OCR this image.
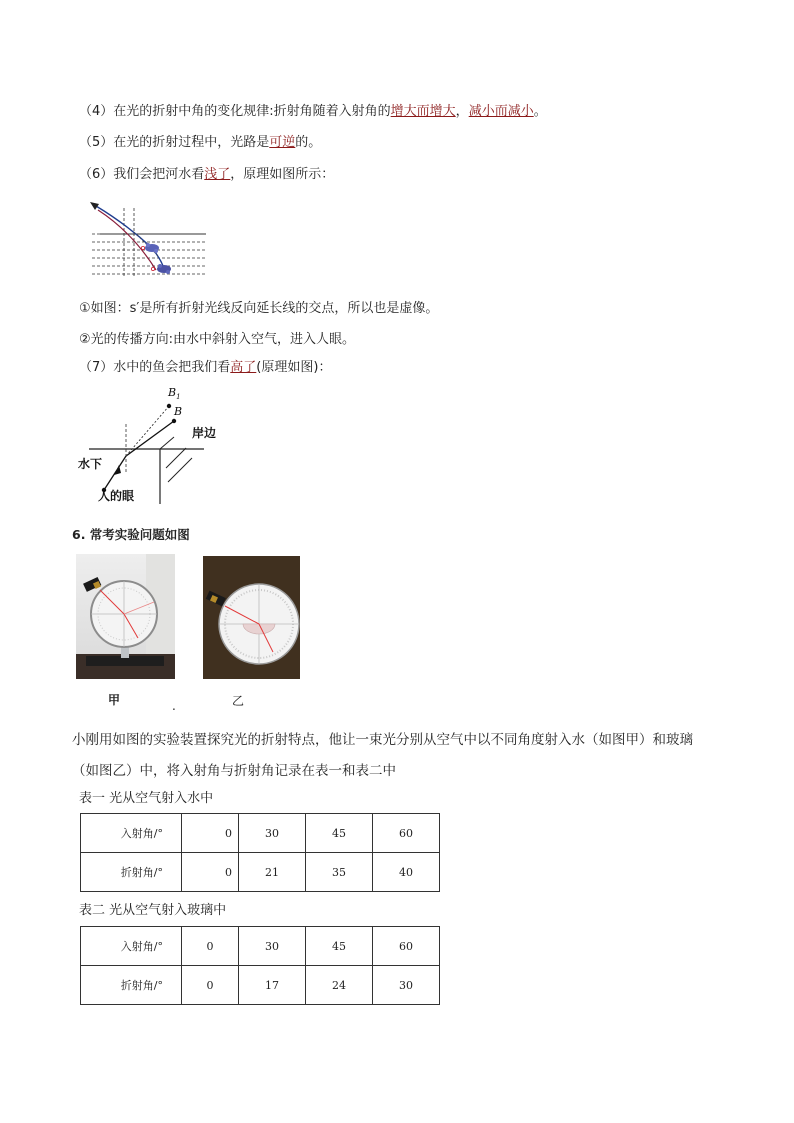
（4）在光的折射中角的变化规律:折射角随着入射角的增大而增大，减小而减小。
（5）在光的折射过程中，光路是可逆的。
（6）我们会把河水看浅了，原理如图所示：
①如图：s′是所有折射光线反向延长线的交点，所以也是虚像。
②光的传播方向:由水中斜射入空气，进入人眼。
（7）水中的鱼会把我们看高了(原理如图)：
$B_1$
B
岸边
水下
人的眼
6. 常考实验问题如图
甲	.	乙
小刚用如图的实验装置探究光的折射特点，他让一束光分别从空气中以不同角度射入水（如图甲）和玻璃
（如图乙）中，将入射角与折射角记录在表一和表二中
表一 光从空气射入水中
入射角/°	0	30	45	60
折射角/°	0	21	35	40
表二 光从空气射入玻璃中
入射角/°	0	30	45	60
折射角/°	0	17	24	30
